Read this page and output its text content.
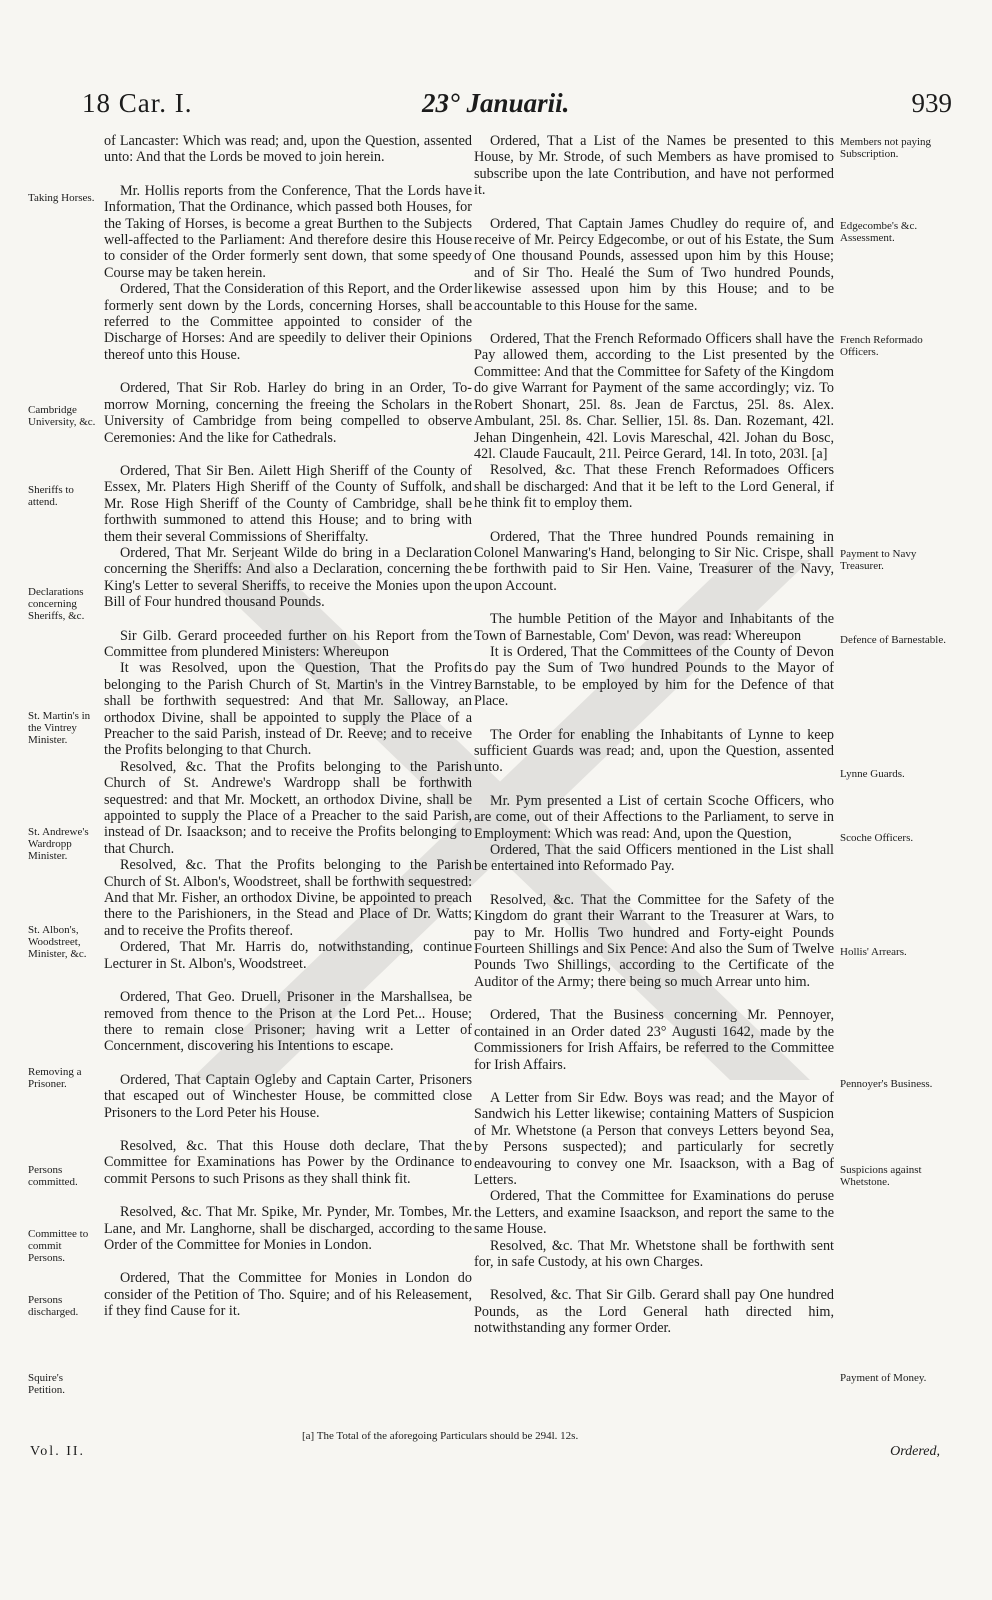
18 Car. I.	23° Januarii.	939
Taking Horses.
Cambridge University, &c.
Sheriffs to attend.
Declarations concerning Sheriffs, &c.
St. Martin's in the Vintrey Minister.
St. Andrewe's Wardropp Minister.
St. Albon's, Woodstreet, Minister, &c.
Removing a Prisoner.
Persons committed.
Committee to commit Persons.
Persons discharged.
Squire's Petition.
Members not paying Subscription.
Edgecombe's &c. Assessment.
French Reformado Officers.
Payment to Navy Treasurer.
Defence of Barnestable.
Lynne Guards.
Scoche Officers.
Hollis' Arrears.
Pennoyer's Business.
Suspicions against Whetstone.
Payment of Money.

of Lancaster: Which was read; and, upon the Question, assented unto: And that the Lords be moved to join herein.

Mr. Hollis reports from the Conference, That the Lords have Information, That the Ordinance, which passed both Houses, for the Taking of Horses, is become a great Burthen to the Subjects well-affected to the Parliament: And therefore desire this House to consider of the Order formerly sent down, that some speedy Course may be taken herein.

Ordered, That the Consideration of this Report, and the Order formerly sent down by the Lords, concerning Horses, shall be referred to the Committee appointed to consider of the Discharge of Horses: And are speedily to deliver their Opinions thereof unto this House.

Ordered, That Sir Rob. Harley do bring in an Order, To-morrow Morning, concerning the freeing the Scholars in the University of Cambridge from being compelled to observe Ceremonies: And the like for Cathedrals.

Ordered, That Sir Ben. Ailett High Sheriff of the County of Essex, Mr. Platers High Sheriff of the County of Suffolk, and Mr. Rose High Sheriff of the County of Cambridge, shall be forthwith summoned to attend this House; and to bring with them their several Commissions of Sheriffalty.

Ordered, That Mr. Serjeant Wilde do bring in a Declaration concerning the Sheriffs: And also a Declaration, concerning the King's Letter to several Sheriffs, to receive the Monies upon the Bill of Four hundred thousand Pounds.

Sir Gilb. Gerard proceeded further on his Report from the Committee from plundered Ministers: Whereupon

It was Resolved, upon the Question, That the Profits belonging to the Parish Church of St. Martin's in the Vintrey shall be forthwith sequestred: And that Mr. Salloway, an orthodox Divine, shall be appointed to supply the Place of a Preacher to the said Parish, instead of Dr. Reeve; and to receive the Profits belonging to that Church.

Resolved, &c. That the Profits belonging to the Parish Church of St. Andrewe's Wardropp shall be forthwith sequestred: and that Mr. Mockett, an orthodox Divine, shall be appointed to supply the Place of a Preacher to the said Parish, instead of Dr. Isaackson; and to receive the Profits belonging to that Church.

Resolved, &c. That the Profits belonging to the Parish Church of St. Albon's, Woodstreet, shall be forthwith sequestred: And that Mr. Fisher, an orthodox Divine, be appointed to preach there to the Parishioners, in the Stead and Place of Dr. Watts; and to receive the Profits thereof.

Ordered, That Mr. Harris do, notwithstanding, continue Lecturer in St. Albon's, Woodstreet.

Ordered, That Geo. Druell, Prisoner in the Marshallsea, be removed from thence to the Prison at the Lord Pet... House; there to remain close Prisoner; having writ a Letter of Concernment, discovering his Intentions to escape.

Ordered, That Captain Ogleby and Captain Carter, Prisoners that escaped out of Winchester House, be committed close Prisoners to the Lord Peter his House.

Resolved, &c. That this House doth declare, That the Committee for Examinations has Power by the Ordinance to commit Persons to such Prisons as they shall think fit.

Resolved, &c. That Mr. Spike, Mr. Pynder, Mr. Tombes, Mr. Lane, and Mr. Langhorne, shall be discharged, according to the Order of the Committee for Monies in London.

Ordered, That the Committee for Monies in London do consider of the Petition of Tho. Squire; and of his Releasement, if they find Cause for it.

Ordered, That a List of the Names be presented to this House, by Mr. Strode, of such Members as have promised to subscribe upon the late Contribution, and have not performed it.

Ordered, That Captain James Chudley do require of, and receive of Mr. Peircy Edgecombe, or out of his Estate, the Sum of One thousand Pounds, assessed upon him by this House; and of Sir Tho. Healé the Sum of Two hundred Pounds, likewise assessed upon him by this House; and to be accountable to this House for the same.

Ordered, That the French Reformado Officers shall have the Pay allowed them, according to the List presented by the Committee: And that the Committee for Safety of the Kingdom do give Warrant for Payment of the same accordingly; viz. To Robert Shonart, 25l. 8s. Jean de Farctus, 25l. 8s. Alex. Ambulant, 25l. 8s. Char. Sellier, 15l. 8s. Dan. Rozemant, 42l. Jehan Dingenhein, 42l. Lovis Mareschal, 42l. Johan du Bosc, 42l. Claude Faucault, 21l. Peirce Gerard, 14l. In toto, 203l. [a]

Resolved, &c. That these French Reformadoes Officers shall be discharged: And that it be left to the Lord General, if he think fit to employ them.

Ordered, That the Three hundred Pounds remaining in Colonel Manwaring's Hand, belonging to Sir Nic. Crispe, shall be forthwith paid to Sir Hen. Vaine, Treasurer of the Navy, upon Account.

The humble Petition of the Mayor and Inhabitants of the Town of Barnestable, Com' Devon, was read: Whereupon

It is Ordered, That the Committees of the County of Devon do pay the Sum of Two hundred Pounds to the Mayor of Barnstable, to be employed by him for the Defence of that Place.

The Order for enabling the Inhabitants of Lynne to keep sufficient Guards was read; and, upon the Question, assented unto.

Mr. Pym presented a List of certain Scoche Officers, who are come, out of their Affections to the Parliament, to serve in Employment: Which was read: And, upon the Question,

Ordered, That the said Officers mentioned in the List shall be entertained into Reformado Pay.

Resolved, &c. That the Committee for the Safety of the Kingdom do grant their Warrant to the Treasurer at Wars, to pay to Mr. Hollis Two hundred and Forty-eight Pounds Fourteen Shillings and Six Pence: And also the Sum of Twelve Pounds Two Shillings, according to the Certificate of the Auditor of the Army; there being so much Arrear unto him.

Ordered, That the Business concerning Mr. Pennoyer, contained in an Order dated 23° Augusti 1642, made by the Commissioners for Irish Affairs, be referred to the Committee for Irish Affairs.

A Letter from Sir Edw. Boys was read; and the Mayor of Sandwich his Letter likewise; containing Matters of Suspicion of Mr. Whetstone (a Person that conveys Letters beyond Sea, by Persons suspected); and particularly for secretly endeavouring to convey one Mr. Isaackson, with a Bag of Letters.

Ordered, That the Committee for Examinations do peruse the Letters, and examine Isaackson, and report the same to the same House.

Resolved, &c. That Mr. Whetstone shall be forthwith sent for, in safe Custody, at his own Charges.

Resolved, &c. That Sir Gilb. Gerard shall pay One hundred Pounds, as the Lord General hath directed him, notwithstanding any former Order.

Vol. II.
[a] The Total of the aforegoing Particulars should be 294l. 12s.
Ordered,
